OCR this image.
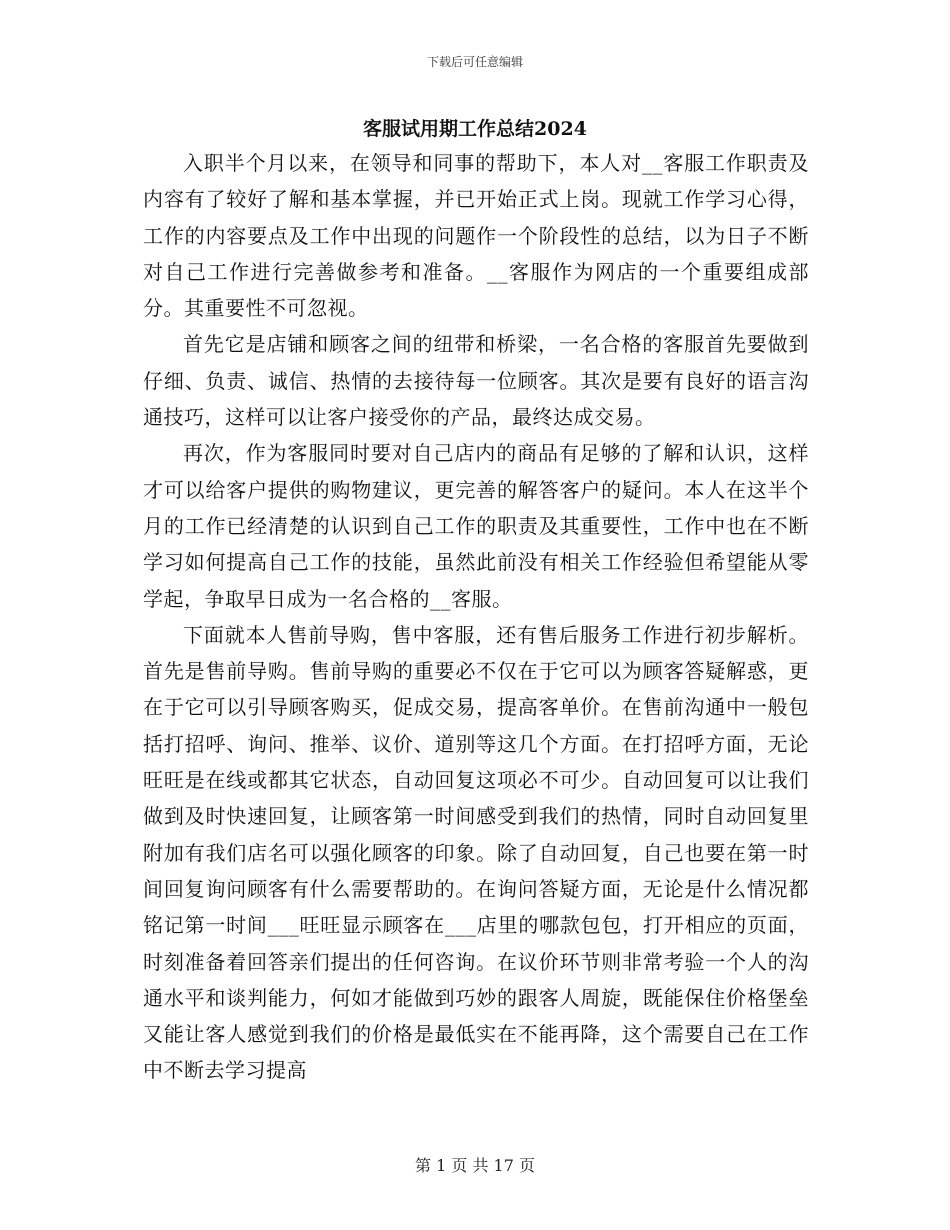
下载后可任意编辑
客服试用期工作总结2024

入职半个月以来，在领导和同事的帮助下，本人对__客服工作职责及内容有了较好了解和基本掌握，并已开始正式上岗。现就工作学习心得，工作的内容要点及工作中出现的问题作一个阶段性的总结，以为日子不断对自己工作进行完善做参考和准备。__客服作为网店的一个重要组成部分。其重要性不可忽视。

首先它是店铺和顾客之间的纽带和桥梁，一名合格的客服首先要做到仔细、负责、诚信、热情的去接待每一位顾客。其次是要有良好的语言沟通技巧，这样可以让客户接受你的产品，最终达成交易。

再次，作为客服同时要对自己店内的商品有足够的了解和认识，这样才可以给客户提供的购物建议，更完善的解答客户的疑问。本人在这半个月的工作已经清楚的认识到自己工作的职责及其重要性，工作中也在不断学习如何提高自己工作的技能，虽然此前没有相关工作经验但希望能从零学起，争取早日成为一名合格的__客服。

下面就本人售前导购，售中客服，还有售后服务工作进行初步解析。首先是售前导购。售前导购的重要必不仅在于它可以为顾客答疑解惑，更在于它可以引导顾客购买，促成交易，提高客单价。在售前沟通中一般包括打招呼、询问、推举、议价、道别等这几个方面。在打招呼方面，无论旺旺是在线或都其它状态，自动回复这项必不可少。自动回复可以让我们做到及时快速回复，让顾客第一时间感受到我们的热情，同时自动回复里附加有我们店名可以强化顾客的印象。除了自动回复，自己也要在第一时间回复询问顾客有什么需要帮助的。在询问答疑方面，无论是什么情况都铭记第一时间___旺旺显示顾客在___店里的哪款包包，打开相应的页面，时刻准备着回答亲们提出的任何咨询。在议价环节则非常考验一个人的沟通水平和谈判能力，何如才能做到巧妙的跟客人周旋，既能保住价格堡垒又能让客人感觉到我们的价格是最低实在不能再降，这个需要自己在工作中不断去学习提高

第 1 页 共 17 页
